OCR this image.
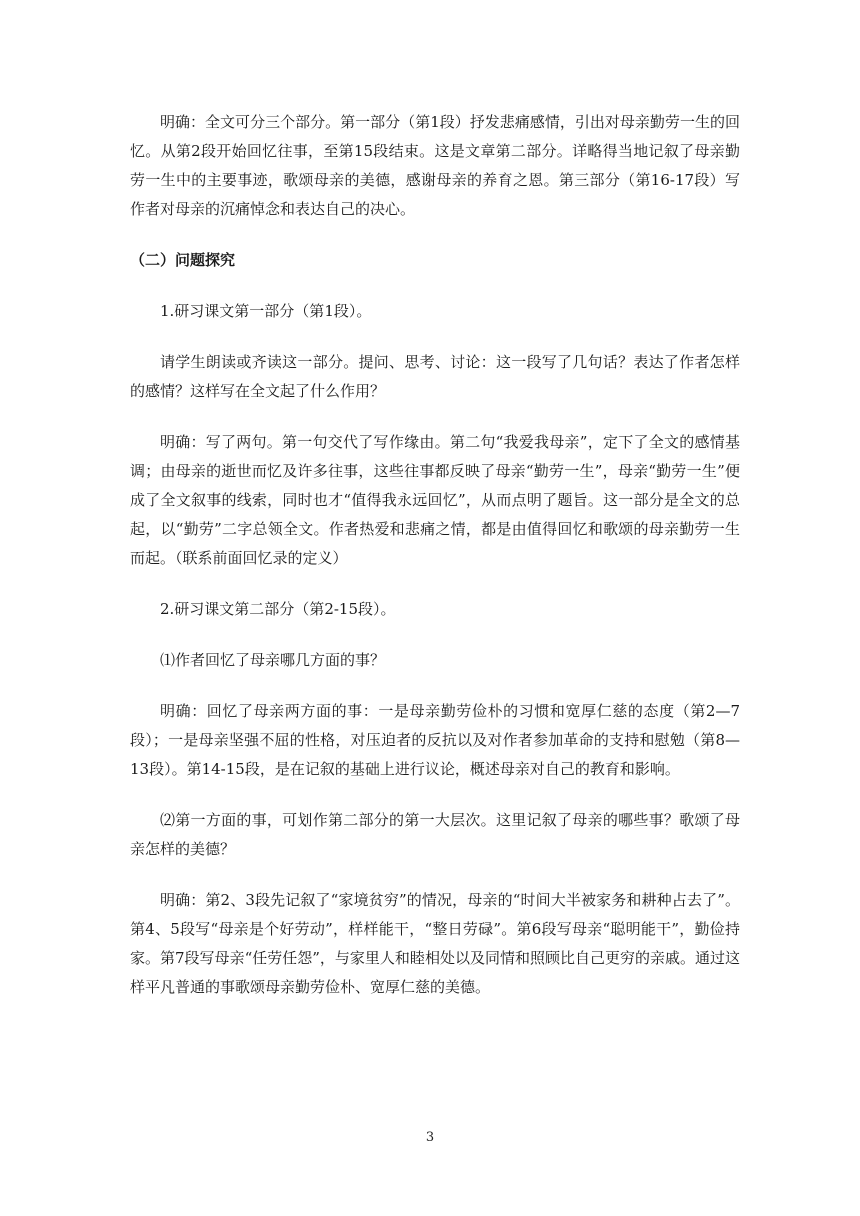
明确：全文可分三个部分。第一部分（第1段）抒发悲痛感情，引出对母亲勤劳一生的回忆。从第2段开始回忆往事，至第15段结束。这是文章第二部分。详略得当地记叙了母亲勤劳一生中的主要事迹，歌颂母亲的美德，感谢母亲的养育之恩。第三部分（第16-17段）写作者对母亲的沉痛悼念和表达自己的决心。

（二）问题探究

1.研习课文第一部分（第1段）。

请学生朗读或齐读这一部分。提问、思考、讨论：这一段写了几句话？表达了作者怎样的感情？这样写在全文起了什么作用？

明确：写了两句。第一句交代了写作缘由。第二句“我爱我母亲”，定下了全文的感情基调；由母亲的逝世而忆及许多往事，这些往事都反映了母亲“勤劳一生”，母亲“勤劳一生”便成了全文叙事的线索，同时也才“值得我永远回忆”，从而点明了题旨。这一部分是全文的总起，以“勤劳”二字总领全文。作者热爱和悲痛之情，都是由值得回忆和歌颂的母亲勤劳一生而起。（联系前面回忆录的定义）

2.研习课文第二部分（第2-15段）。

⑴作者回忆了母亲哪几方面的事？

明确：回忆了母亲两方面的事：一是母亲勤劳俭朴的习惯和宽厚仁慈的态度（第2—7段）；一是母亲坚强不屈的性格，对压迫者的反抗以及对作者参加革命的支持和慰勉（第8—13段）。第14-15段，是在记叙的基础上进行议论，概述母亲对自己的教育和影响。

⑵第一方面的事，可划作第二部分的第一大层次。这里记叙了母亲的哪些事？歌颂了母亲怎样的美德？

明确：第2、3段先记叙了“家境贫穷”的情况，母亲的“时间大半被家务和耕种占去了”。第4、5段写“母亲是个好劳动”，样样能干，“整日劳碌”。第6段写母亲“聪明能干”，勤俭持家。第7段写母亲“任劳任怨”，与家里人和睦相处以及同情和照顾比自己更穷的亲戚。通过这样平凡普通的事歌颂母亲勤劳俭朴、宽厚仁慈的美德。

3
